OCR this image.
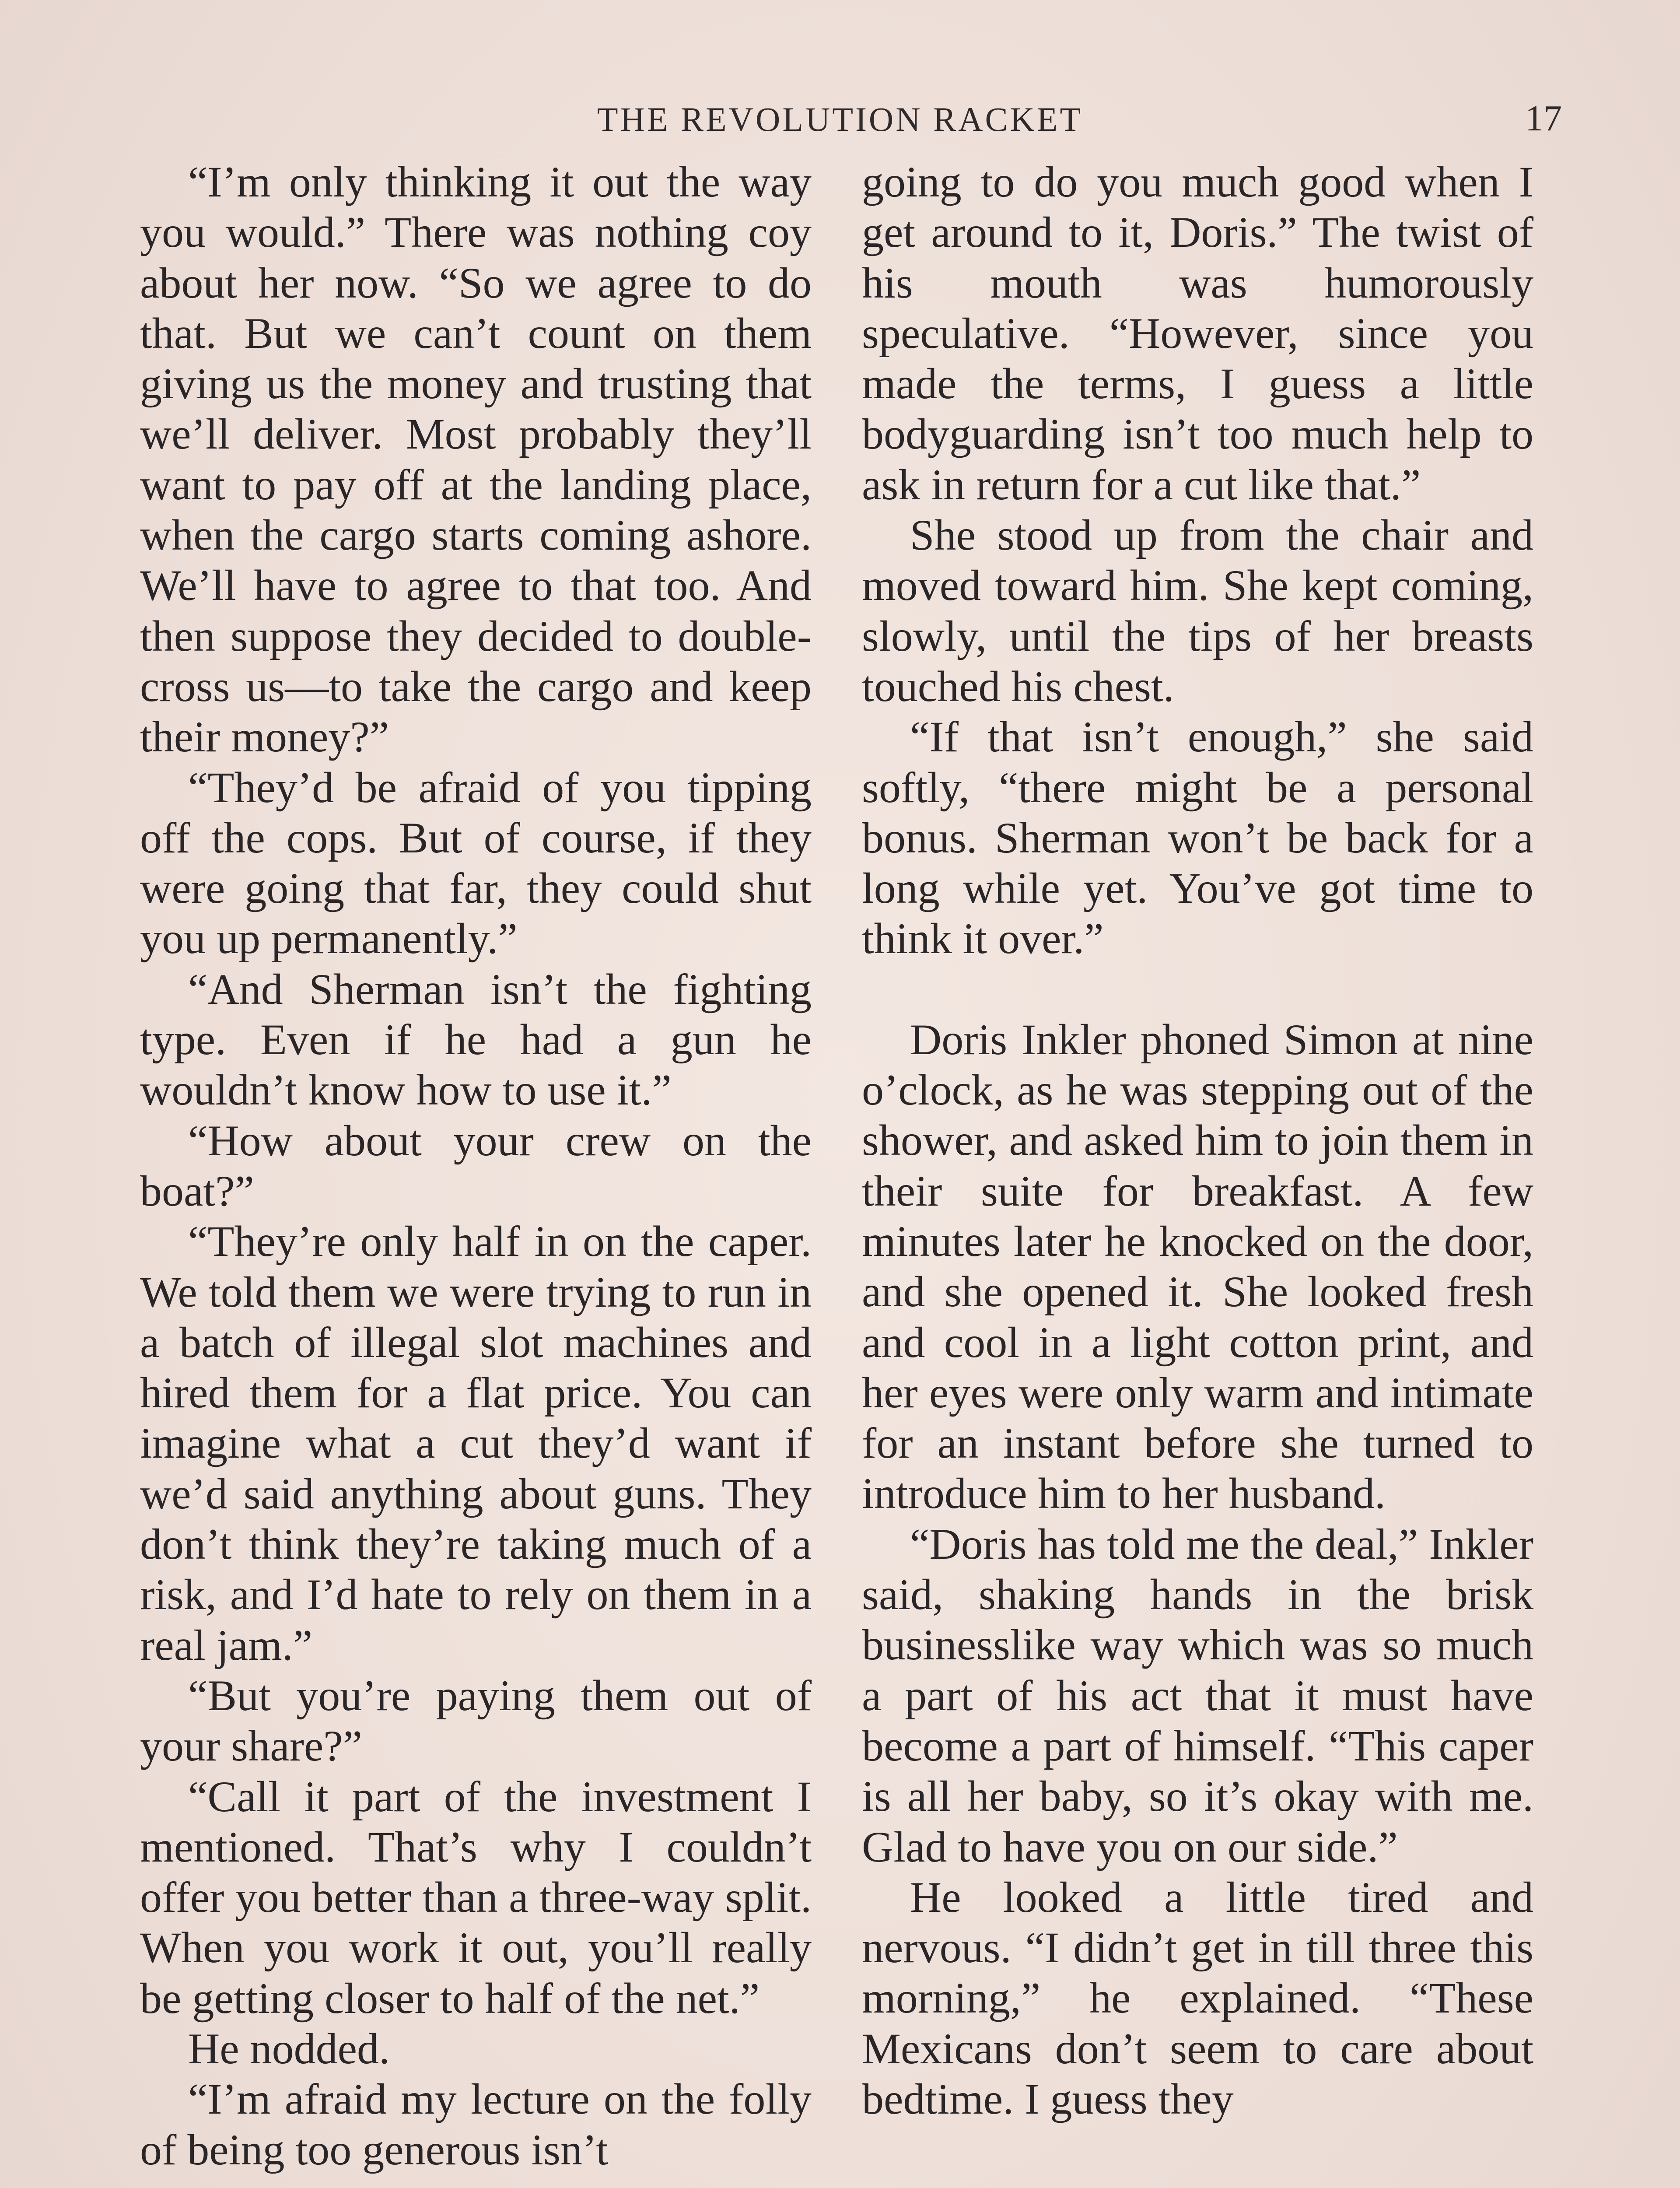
THE REVOLUTION RACKET	17

“I’m only thinking it out the way you would.” There was nothing coy about her now. “So we agree to do that. But we can’t count on them giving us the money and trusting that we’ll deliver. Most probably they’ll want to pay off at the landing place, when the cargo starts coming ashore. We’ll have to agree to that too. And then suppose they decided to double-cross us—to take the cargo and keep their money?”

“They’d be afraid of you tipping off the cops. But of course, if they were going that far, they could shut you up permanently.”

“And Sherman isn’t the fighting type. Even if he had a gun he wouldn’t know how to use it.”

“How about your crew on the boat?”

“They’re only half in on the caper. We told them we were trying to run in a batch of illegal slot machines and hired them for a flat price. You can imagine what a cut they’d want if we’d said anything about guns. They don’t think they’re taking much of a risk, and I’d hate to rely on them in a real jam.”

“But you’re paying them out of your share?”

“Call it part of the investment I mentioned. That’s why I couldn’t offer you better than a three-way split. When you work it out, you’ll really be getting closer to half of the net.”

He nodded.

“I’m afraid my lecture on the folly of being too generous isn’t

going to do you much good when I get around to it, Doris.” The twist of his mouth was humorously speculative. “However, since you made the terms, I guess a little bodyguarding isn’t too much help to ask in return for a cut like that.”

She stood up from the chair and moved toward him. She kept coming, slowly, until the tips of her breasts touched his chest.

“If that isn’t enough,” she said softly, “there might be a personal bonus. Sherman won’t be back for a long while yet. You’ve got time to think it over.”

Doris Inkler phoned Simon at nine o’clock, as he was stepping out of the shower, and asked him to join them in their suite for breakfast. A few minutes later he knocked on the door, and she opened it. She looked fresh and cool in a light cotton print, and her eyes were only warm and intimate for an instant before she turned to introduce him to her husband.

“Doris has told me the deal,” Inkler said, shaking hands in the brisk businesslike way which was so much a part of his act that it must have become a part of himself. “This caper is all her baby, so it’s okay with me. Glad to have you on our side.”

He looked a little tired and nervous. “I didn’t get in till three this morning,” he explained. “These Mexicans don’t seem to care about bedtime. I guess they
